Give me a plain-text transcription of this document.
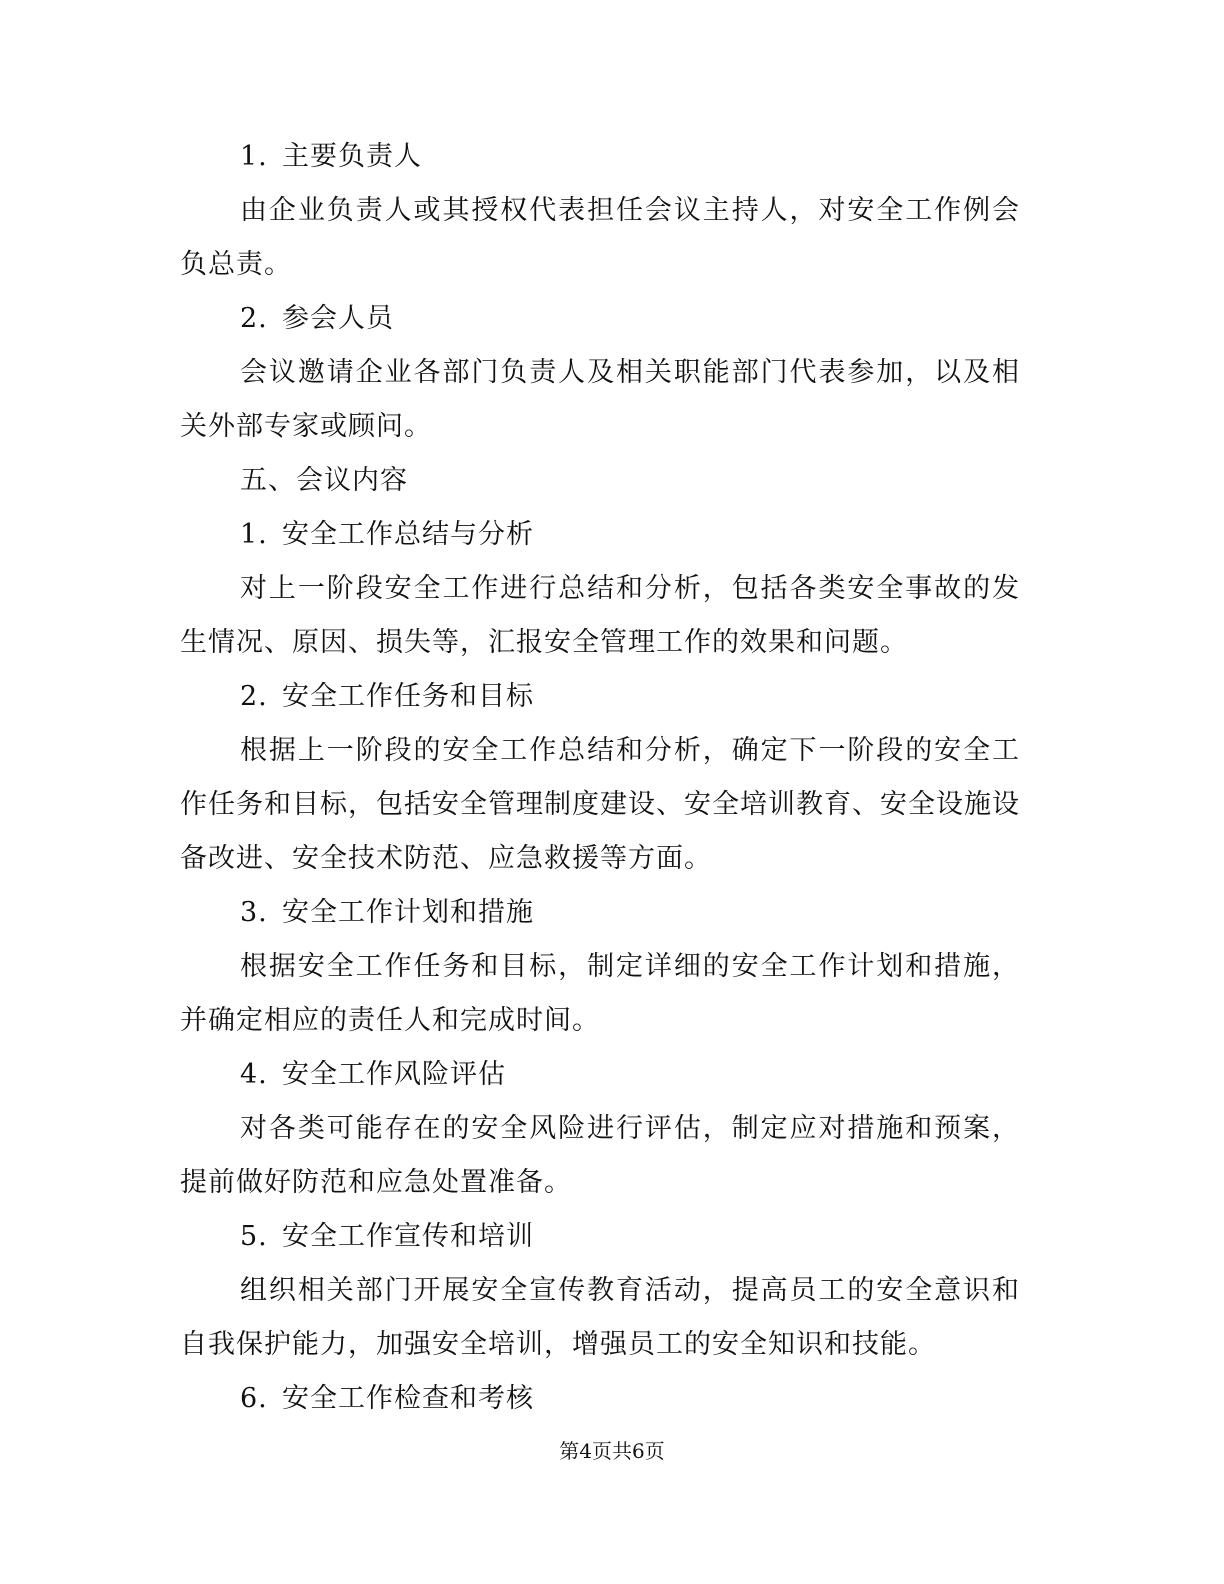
1. 主要负责人

由企业负责人或其授权代表担任会议主持人，对安全工作例会负总责。

2. 参会人员

会议邀请企业各部门负责人及相关职能部门代表参加，以及相关外部专家或顾问。

五、会议内容
1. 安全工作总结与分析

对上一阶段安全工作进行总结和分析，包括各类安全事故的发生情况、原因、损失等，汇报安全管理工作的效果和问题。

2. 安全工作任务和目标

根据上一阶段的安全工作总结和分析，确定下一阶段的安全工作任务和目标，包括安全管理制度建设、安全培训教育、安全设施设备改进、安全技术防范、应急救援等方面。

3. 安全工作计划和措施

根据安全工作任务和目标，制定详细的安全工作计划和措施，并确定相应的责任人和完成时间。

4. 安全工作风险评估

对各类可能存在的安全风险进行评估，制定应对措施和预案，提前做好防范和应急处置准备。

5. 安全工作宣传和培训

组织相关部门开展安全宣传教育活动，提高员工的安全意识和自我保护能力，加强安全培训，增强员工的安全知识和技能。

6. 安全工作检查和考核
第4页共6页
